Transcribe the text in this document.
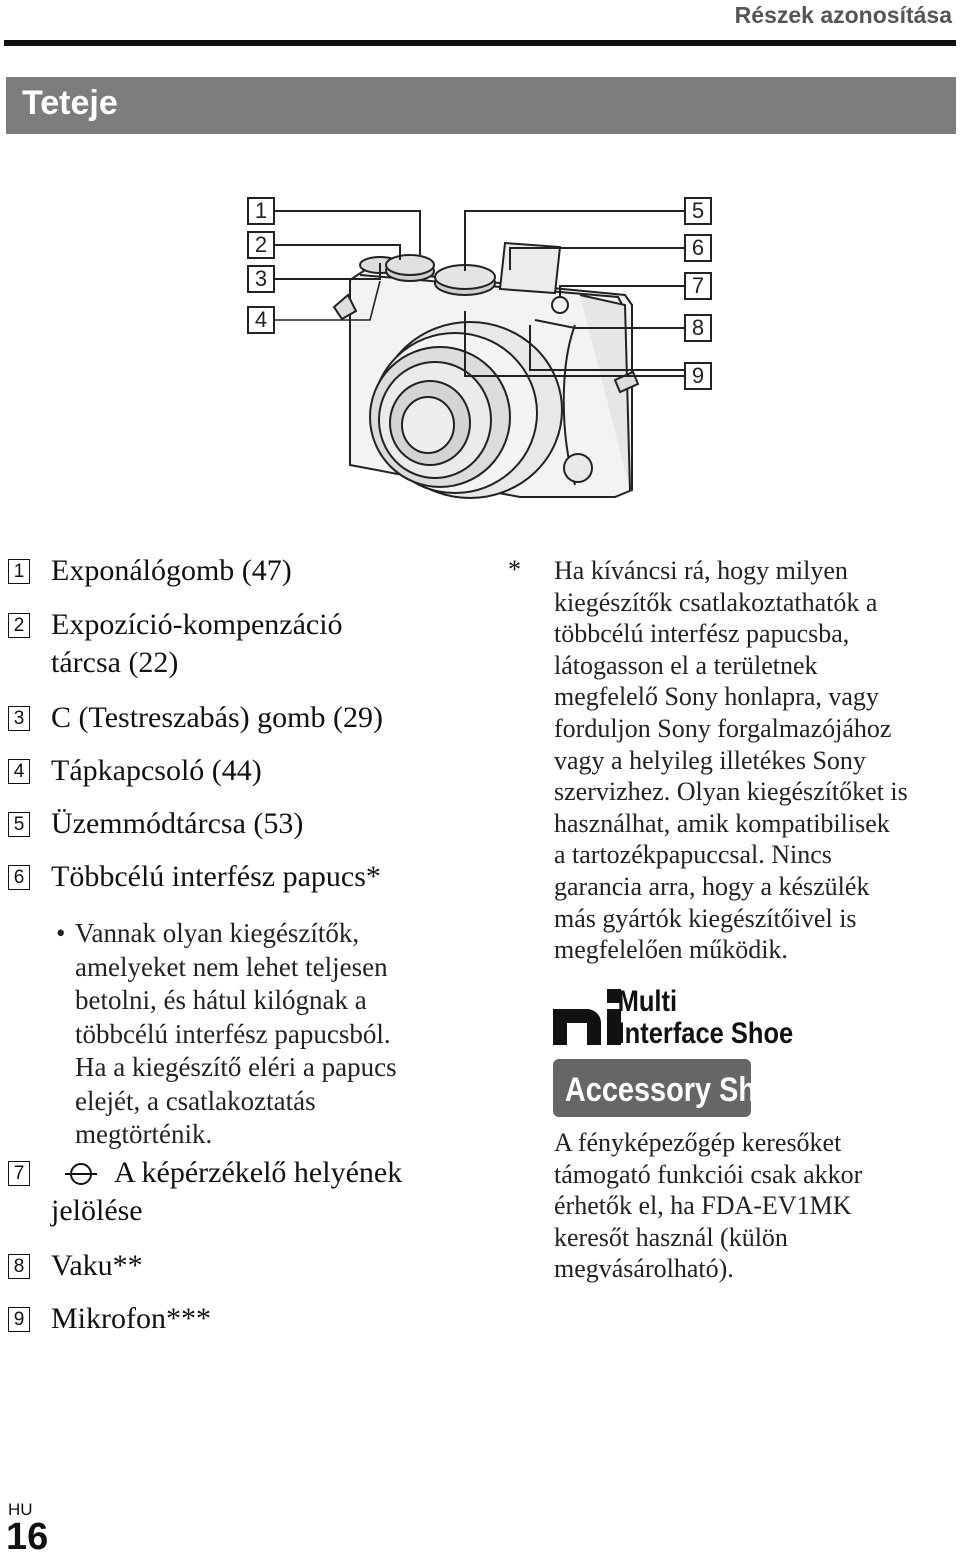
Részek azonosítása
Teteje
1
2
3
4
5
6
7
8
9
1 Exponálógomb (47)
2 Expozíció-kompenzáció
tárcsa (22)
3 C (Testreszabás) gomb (29)
4 Tápkapcsoló (44)
5 Üzemmódtárcsa (53)
6 Többcélú interfész papucs*
• Vannak olyan kiegészítők,
amelyeket nem lehet teljesen
betolni, és hátul kilógnak a
többcélú interfész papucsból.
Ha a kiegészítő eléri a papucs
elejét, a csatlakoztatás
megtörténik.
7	A képérzékelő helyének
jelölése
8 Vaku**
9 Mikrofon***
* Ha kíváncsi rá, hogy milyen
kiegészítők csatlakoztathatók a
többcélú interfész papucsba,
látogasson el a területnek
megfelelő Sony honlapra, vagy
forduljon Sony forgalmazójához
vagy a helyileg illetékes Sony
szervizhez. Olyan kiegészítőket is
használhat, amik kompatibilisek
a tartozékpapuccsal. Nincs
garancia arra, hogy a készülék
más gyártók kiegészítőivel is
megfelelően működik.
Multi
Interface Shoe
Accessory Shoe
A fényképezőgép keresőket
támogató funkciói csak akkor
érhetők el, ha FDA-EV1MK
keresőt használ (külön
megvásárolható).
HU
16
